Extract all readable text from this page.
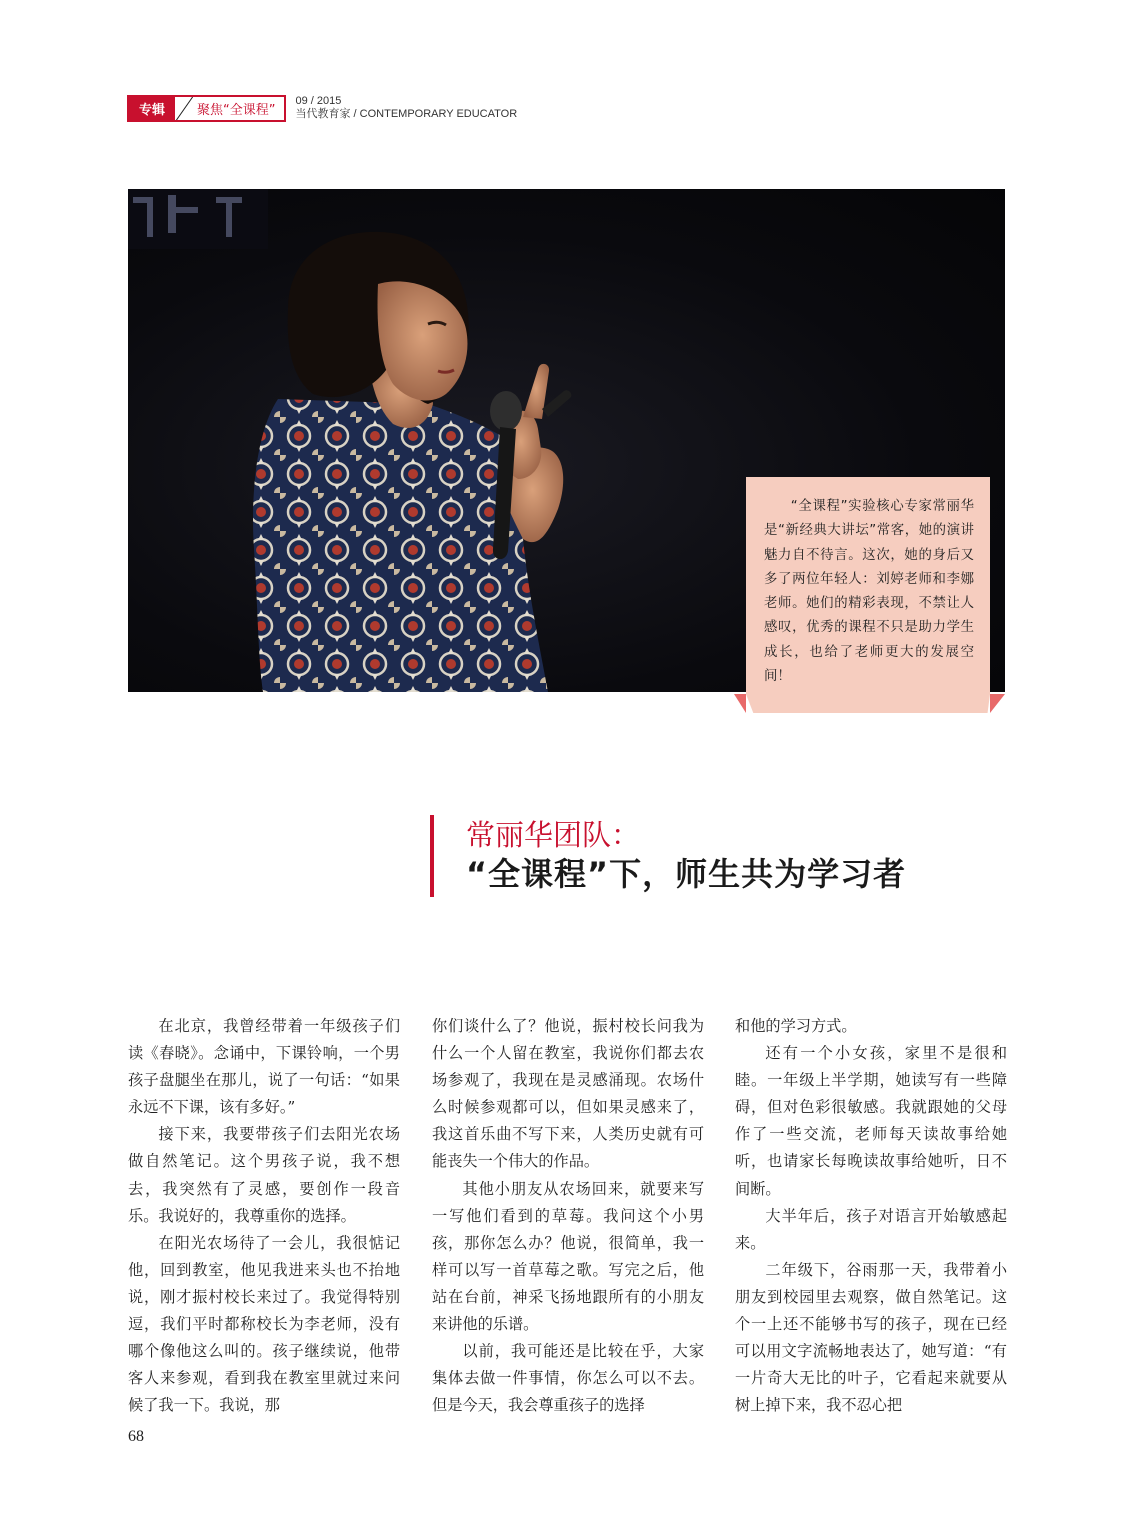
专辑	聚焦“全课程”
09 / 2015
当代教育家 / CONTEMPORARY EDUCATOR
“全课程”实验核心专家常丽华是“新经典大讲坛”常客，她的演讲魅力自不待言。这次，她的身后又多了两位年轻人：刘婷老师和李娜老师。她们的精彩表现，不禁让人感叹，优秀的课程不只是助力学生成长，也给了老师更大的发展空间！
常丽华团队：
“全课程”下，师生共为学习者

在北京，我曾经带着一年级孩子们读《春晓》。念诵中，下课铃响，一个男孩子盘腿坐在那儿，说了一句话：“如果永远不下课，该有多好。”

接下来，我要带孩子们去阳光农场做自然笔记。这个男孩子说，我不想去，我突然有了灵感，要创作一段音乐。我说好的，我尊重你的选择。

在阳光农场待了一会儿，我很惦记他，回到教室，他见我进来头也不抬地说，刚才振村校长来过了。我觉得特别逗，我们平时都称校长为李老师，没有哪个像他这么叫的。孩子继续说，他带客人来参观，看到我在教室里就过来问候了我一下。我说，那

你们谈什么了？他说，振村校长问我为什么一个人留在教室，我说你们都去农场参观了，我现在是灵感涌现。农场什么时候参观都可以，但如果灵感来了，我这首乐曲不写下来，人类历史就有可能丧失一个伟大的作品。

其他小朋友从农场回来，就要来写一写他们看到的草莓。我问这个小男孩，那你怎么办？他说，很简单，我一样可以写一首草莓之歌。写完之后，他站在台前，神采飞扬地跟所有的小朋友来讲他的乐谱。

以前，我可能还是比较在乎，大家集体去做一件事情，你怎么可以不去。但是今天，我会尊重孩子的选择

和他的学习方式。

还有一个小女孩，家里不是很和睦。一年级上半学期，她读写有一些障碍，但对色彩很敏感。我就跟她的父母作了一些交流，老师每天读故事给她听，也请家长每晚读故事给她听，日不间断。

大半年后，孩子对语言开始敏感起来。

二年级下，谷雨那一天，我带着小朋友到校园里去观察，做自然笔记。这个一上还不能够书写的孩子，现在已经可以用文字流畅地表达了，她写道：“有一片奇大无比的叶子，它看起来就要从树上掉下来，我不忍心把

68
